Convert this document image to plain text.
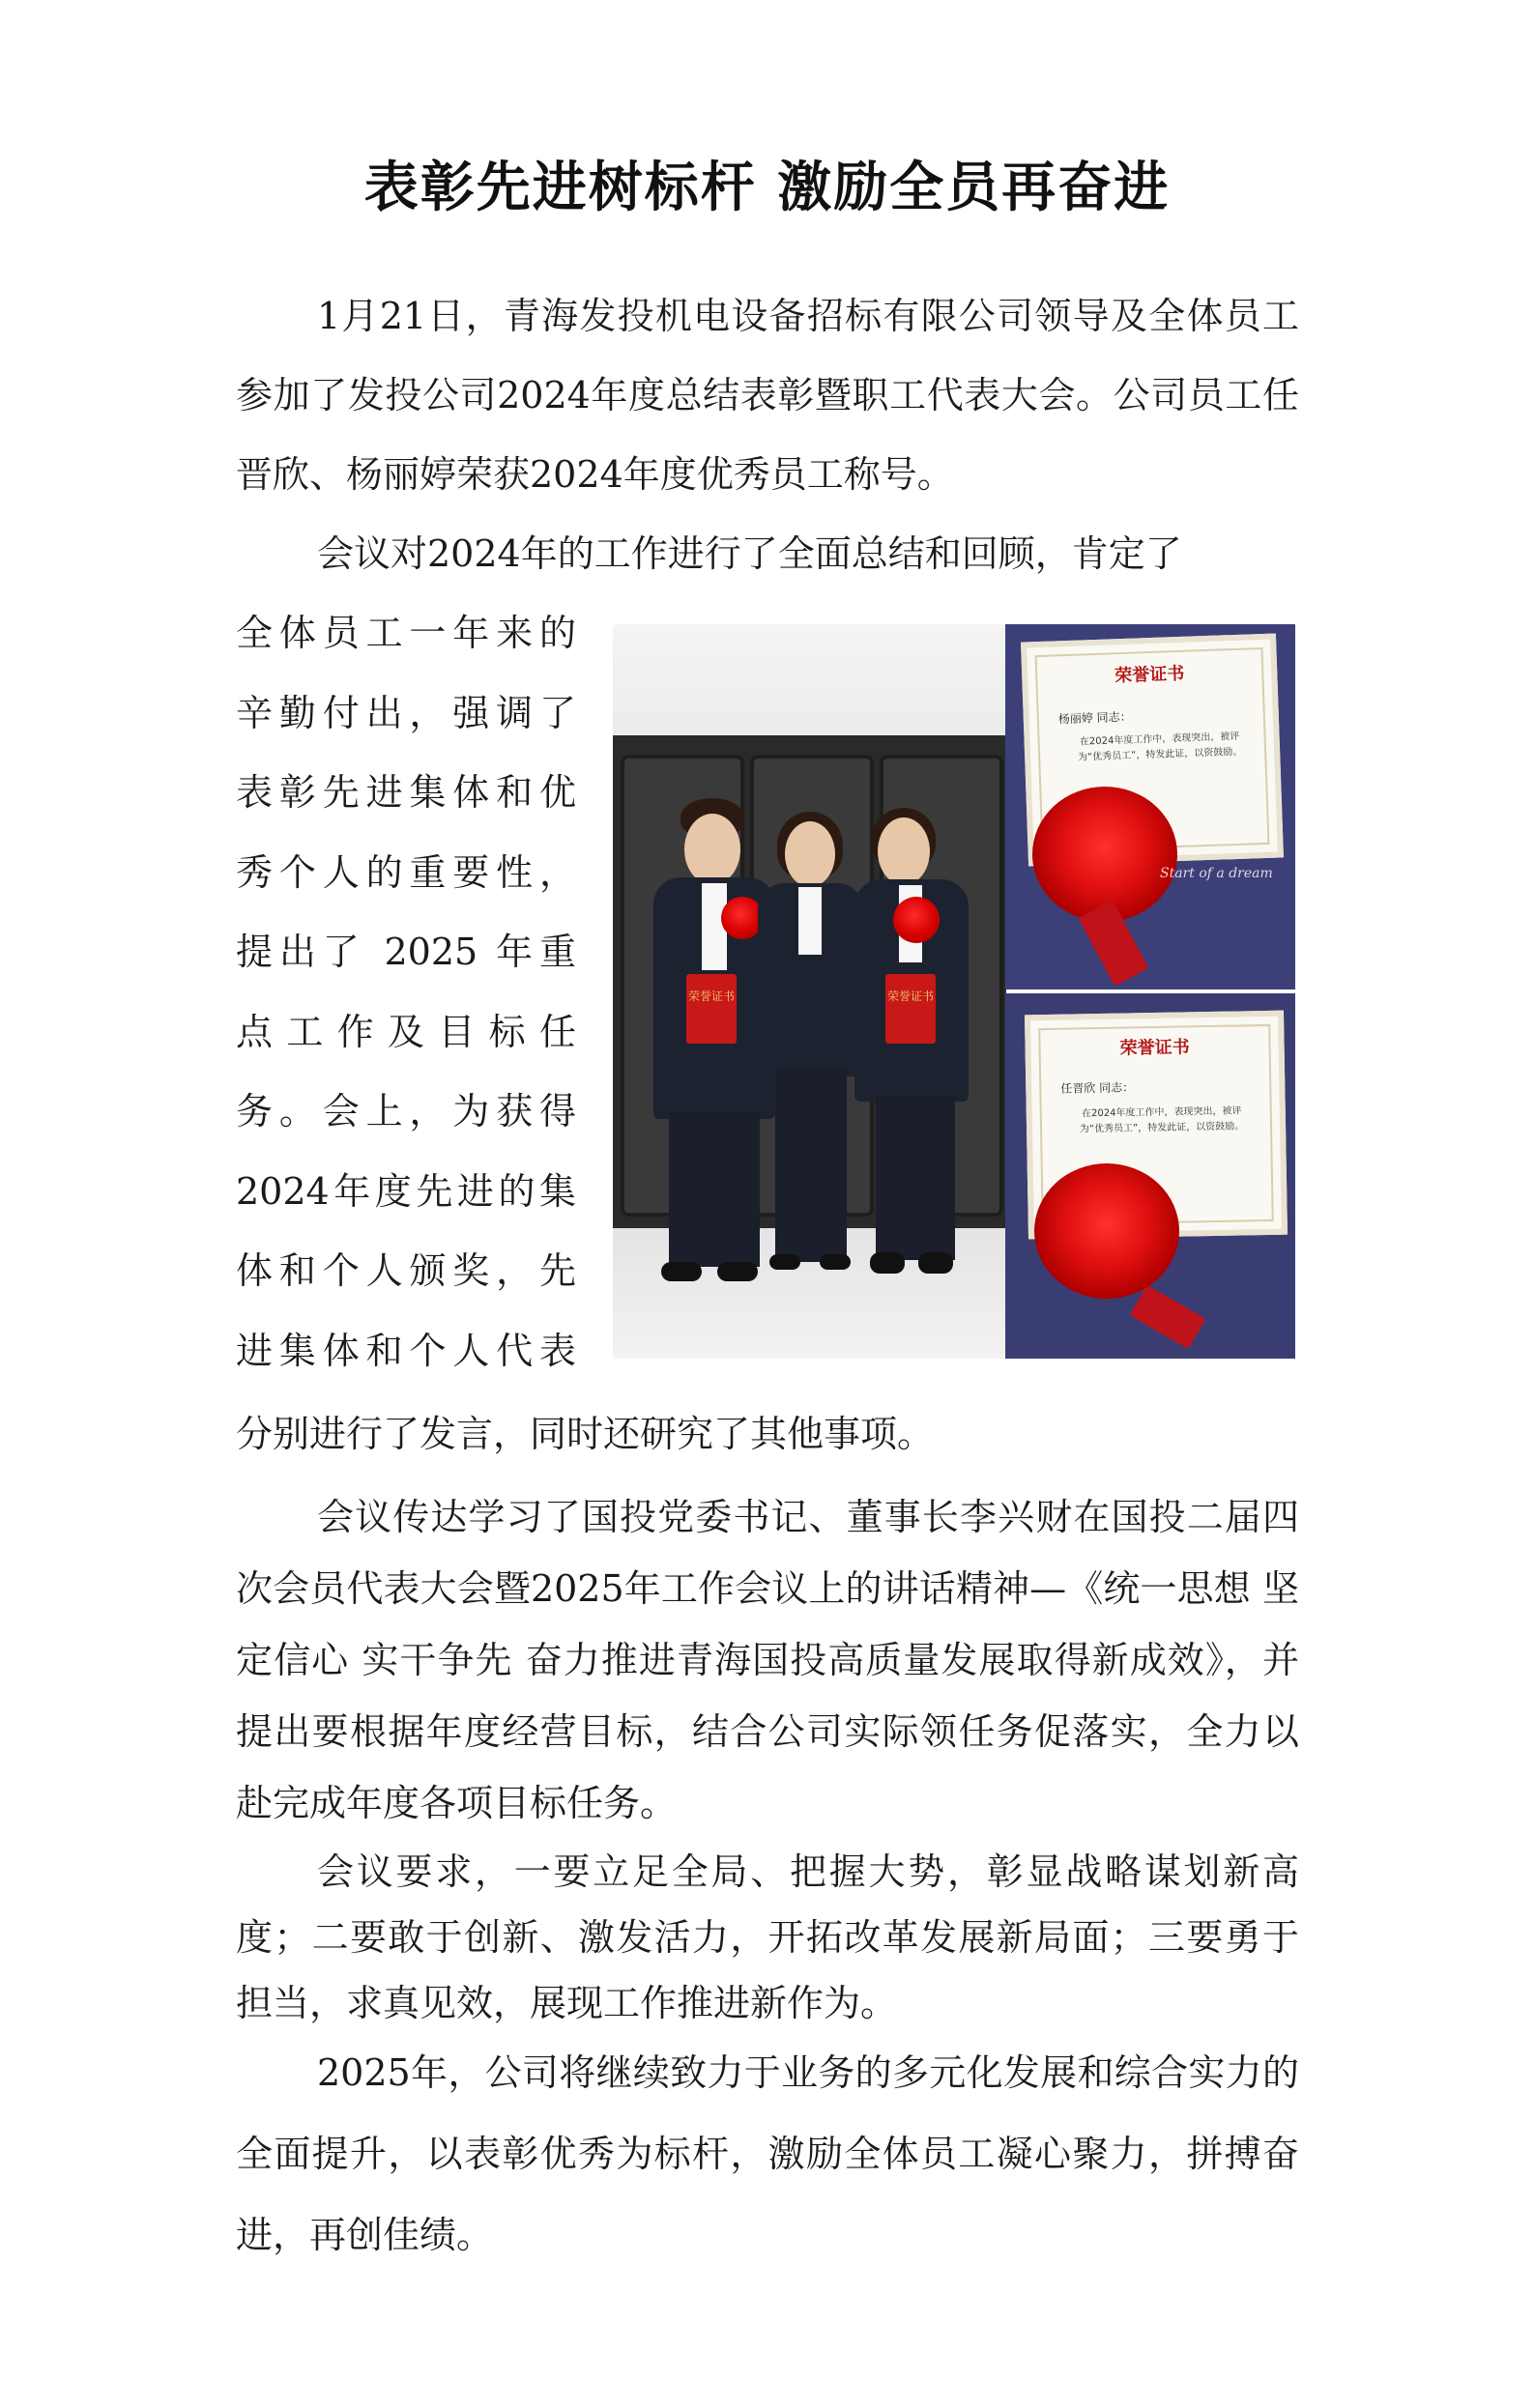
表彰先进树标杆 激励全员再奋进

1月21日，青海发投机电设备招标有限公司领导及全体员工参加了发投公司2024年度总结表彰暨职工代表大会。公司员工任晋欣、杨丽婷荣获2024年度优秀员工称号。

会议对2024年的工作进行了全面总结和回顾，肯定了

全体员工一年来的

辛勤付出，强调了

表彰先进集体和优

秀个人的重要性，

提出了 2025 年重

点工作及目标任

务。会上，为获得

2024年度先进的集

体和个人颁奖，先

进集体和个人代表

分别进行了发言，同时还研究了其他事项。

会议传达学习了国投党委书记、董事长李兴财在国投二届四次会员代表大会暨2025年工作会议上的讲话精神—《统一思想 坚定信心 实干争先 奋力推进青海国投高质量发展取得新成效》，并提出要根据年度经营目标，结合公司实际领任务促落实，全力以赴完成年度各项目标任务。

会议要求，一要立足全局、把握大势，彰显战略谋划新高度；二要敢于创新、激发活力，开拓改革发展新局面；三要勇于担当，求真见效，展现工作推进新作为。

2025年，公司将继续致力于业务的多元化发展和综合实力的全面提升，以表彰优秀为标杆，激励全体员工凝心聚力，拼搏奋进，再创佳绩。

荣誉证书	荣誉证书
荣誉证书
杨丽婷 同志：
在2024年度工作中，表现突出，被评为“优秀员工”，特发此证，以资鼓励。
Start of a dream
荣誉证书
任晋欣 同志：
在2024年度工作中，表现突出，被评为“优秀员工”，特发此证，以资鼓励。
